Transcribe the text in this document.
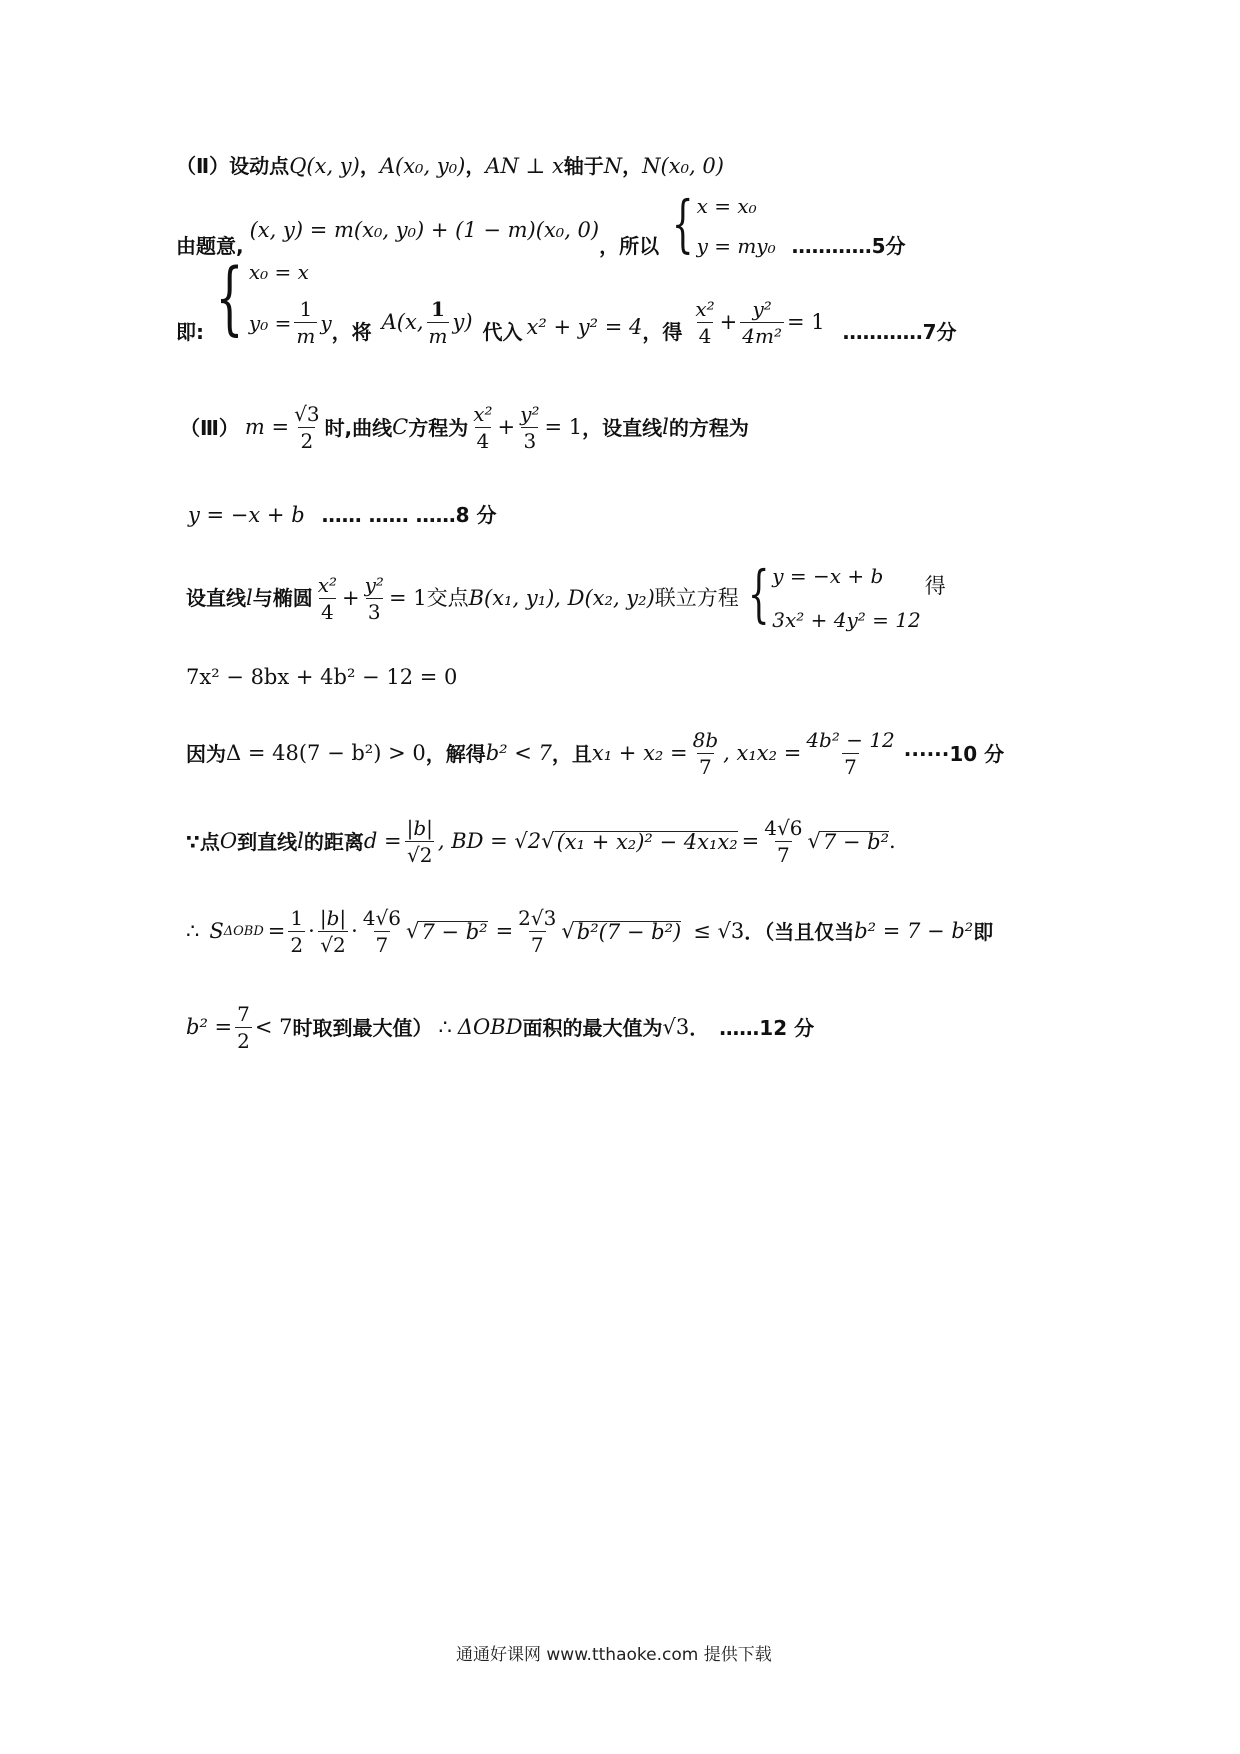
（Ⅱ）设动点Q(x, y)，A(x₀, y₀)，AN ⊥ x轴于N，N(x₀, 0)
由题意,
(x, y) = m(x₀, y₀) + (1 − m)(x₀, 0)
，所以 { x = x₀
y = my₀ …………5分
即: { x₀ = x
$y_0 = \frac{1}{m}$ y ，将 A(x, $\frac{1}{m} y$) 代入 x² + y² = 4 ，得 $\frac{\text{x²}}{4} + \frac{\text{y²}}{\text{4m²}} = 1$ …………7分
（Ⅲ） $m = \frac{√3}{2}$ 时,曲线 C 方程为 $\frac{\text{x²}}{4} + \frac{\text{y²}}{3} = 1$ ，设直线 l 的方程为
y = −x + b …… …… ……8 分
设直线 l 与椭圆 $\frac{\text{x²}}{4} + \frac{\text{y²}}{3} = 1$ 交点 B(x₁, y₁), D(x₂, y₂) 联立方程 { y = −x + b
3x² + 4y² = 12
得
7x² − 8bx + 4b² − 12 = 0
因为 Δ = 48(7 − b²) > 0 ，解得 b² < 7 ，且 $x_1 + x_2 = \frac{8b}{7}$ , $x_1x_2 = \frac{\text{4b² − 12}}{7} \cdot\cdot\cdot\cdot\cdot\cdot 10$ 分
∵点 O 到直线 l 的距离 $d = \frac{|b|}{√2}$ , BD = √2 √ $(x_1 + x_2)^2 - 4x_1x_2 = \frac{4√6}{7}$ √ 7 − b² .
∴ S $\Delta OBD = \frac{1}{2} \cdot \frac{|b|}{√2} \cdot \frac{4√6}{7}$ √ $7 - b^2 = \frac{2√3}{7}$ √ b²(7 − b²) ≤ √3 ．（当且仅当 b² = 7 − b² 即
$b^2 = \frac{7}{2} < 7$ 时取到最大值） ∴ ΔOBD 面积的最大值为 √3 ． ……12 分
通通好课网 www.tthaoke.com 提供下载
